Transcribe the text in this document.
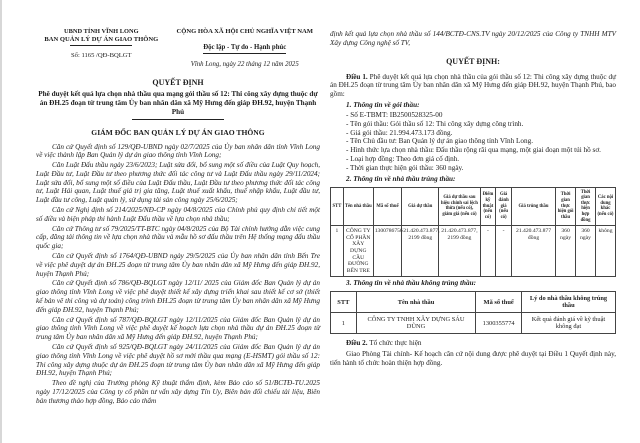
UBND TỈNH VĨNH LONG
BAN QUẢN LÝ DỰ ÁN GIAO THÔNG
Số: 1165 /QĐ-BQLGT
CỘNG HÒA XÃ HỘI CHỦ NGHĨA VIỆT NAM
Độc lập - Tự do - Hạnh phúc
Vĩnh Long, ngày 22 tháng 12 năm 2025
QUYẾT ĐỊNH
Phê duyệt kết quả lựa chọn nhà thầu qua mạng gói thầu số 12: Thi công xây dựng thuộc dự án ĐH.25 đoạn từ trung tâm Ủy ban nhân dân xã Mỹ Hưng đến giáp ĐH.92, huyện Thạnh Phú
GIÁM ĐỐC BAN QUẢN LÝ DỰ ÁN GIAO THÔNG

Căn cứ Quyết định số 129/QĐ-UBND ngày 02/7/2025 của Ủy ban nhân dân tỉnh Vĩnh Long về việc thành lập Ban Quản lý dự án giao thông tỉnh Vĩnh Long;

Căn Luật Đấu thầu ngày 23/6/2023; Luật sửa đổi, bổ sung một số điều của Luật Quy hoạch, Luật Đầu tư, Luật Đầu tư theo phương thức đối tác công tư và Luật Đấu thầu ngày 29/11/2024; Luật sửa đổi, bổ sung một số điều của Luật Đấu thầu, Luật Đầu tư theo phương thức đối tác công tư, Luật Hải quan, Luật thuế giá trị gia tăng, Luật thuế xuất khẩu, thuế nhập khẩu, Luật đầu tư, Luật đầu tư công, Luật quản lý, sử dụng tài sản công ngày 25/6/2025;

Căn cứ Nghị định số 214/2025/NĐ-CP ngày 04/8/2025 của Chính phủ quy định chi tiết một số điều và biện pháp thi hành Luật Đấu thầu về lựa chọn nhà thầu;

Căn cứ Thông tư số 79/2025/TT-BTC ngày 04/8/2025 của Bộ Tài chính hướng dẫn việc cung cấp, đăng tải thông tin về lựa chọn nhà thầu và mẫu hồ sơ đấu thầu trên Hệ thống mạng đấu thầu quốc gia;

Căn cứ Quyết định số 1764/QĐ-UBND ngày 29/5/2025 của Ủy ban nhân dân tỉnh Bến Tre về việc phê duyệt dự án ĐH.25 đoạn từ trung tâm Ủy ban nhân dân xã Mỹ Hưng đến giáp ĐH.92, huyện Thạnh Phú;

Căn cứ Quyết định số 786/QĐ-BQLGT ngày 12/11/ 2025 của Giám đốc Ban Quản lý dự án giao thông tỉnh Vĩnh Long về việc phê duyệt thiết kế xây dựng triển khai sau thiết kế cơ sở (thiết kế bản vẽ thi công và dự toán) công trình ĐH.25 đoạn từ trung tâm Ủy ban nhân dân xã Mỹ Hưng đến giáp ĐH.92, huyện Thạnh Phú;

Căn cứ Quyết định số 787/QĐ-BQLGT ngày 12/11/2025 của Giám đốc Ban Quản lý dự án giao thông tỉnh Vĩnh Long về việc phê duyệt kế hoạch lựa chọn nhà thầu dự án ĐH.25 đoạn từ trung tâm Ủy ban nhân dân xã Mỹ Hưng đến giáp ĐH.92, huyện Thạnh Phú;

Căn cứ Quyết định số 925/QĐ-BQLGT ngày 24/11/2025 của Giám đốc Ban Quản lý dự án giao thông tỉnh Vĩnh Long về việc phê duyệt hồ sơ mời thầu qua mạng (E-HSMT) gói thầu số 12: Thi công xây dựng thuộc dự án ĐH.25 đoạn từ trung tâm Ủy ban nhân dân xã Mỹ Hưng đến giáp ĐH.92, huyện Thạnh Phú;

Theo đề nghị của Trưởng phòng Kỹ thuật thẩm định, kèm Báo cáo số 51/BCTĐ-TU.2025 ngày 17/12/2025 của Công ty cổ phần tư vấn xây dựng Tín Uy, Biên bản đối chiếu tài liệu, Biên bản thương thảo hợp đồng, Báo cáo thẩm

định kết quả lựa chọn nhà thầu số 144/BCTĐ-CNS.TV ngày 20/12/2025 của Công ty TNHH MTV Xây dựng Công nghệ số TV,

QUYẾT ĐỊNH:

Điều 1. Phê duyệt kết quả lựa chọn nhà thầu của gói thầu số 12: Thi công xây dựng thuộc dự án ĐH.25 đoạn từ trung tâm Ủy ban nhân dân xã Mỹ Hưng đến giáp ĐH.92, huyện Thạnh Phú, bao gồm:

1. Thông tin về gói thầu:
- Số E-TBMT: IB2500528325-00
- Tên gói thầu: Gói thầu số 12: Thi công xây dựng công trình.
- Giá gói thầu: 21.994.473.173 đồng.
- Tên Chủ đầu tư: Ban Quản lý dự án giao thông tỉnh Vĩnh Long.
- Hình thức lựa chọn nhà thầu: Đấu thầu rộng rãi qua mạng, một giai đoạn một túi hồ sơ.
- Loại hợp đồng: Theo đơn giá cố định.
- Thời gian thực hiện gói thầu: 360 ngày.
2. Thông tin về nhà thầu trúng thầu:
STT	Tên nhà thầu	Mã số thuế	Giá dự thầu	Giá dự thầu sau hiệu chỉnh sai lệch thừa (nếu có), giảm giá (nếu có)	Điểm kỹ thuật (nếu có)	Giá đánh giá (nếu có)	Giá trúng thầu	Thời gian thực hiện gói thầu	Thời gian thực hiện hợp đồng	Các nội dung khác (nếu có)
1	CÔNG TY CỔ PHẦN XÂY DỰNG CẦU ĐƯỜNG BẾN TRE	1300786756	21.420.473.877, 2199 đồng	21.420.473.877, 2199 đồng	-	-	21.420.473.877 đồng	360 ngày	360 ngày	không
3. Thông tin về nhà thầu không trúng thầu:
STT	Tên nhà thầu	Mã số thuế	Lý do nhà thầu không trúng thầu
1	CÔNG TY TNHH XÂY DỰNG SÁU DŨNG	1300355774	Kết quả đánh giá về kỹ thuật không đạt

Điều 2. Tổ chức thực hiện

Giao Phòng Tài chính- Kế hoạch căn cứ nội dung được phê duyệt tại Điều 1 Quyết định này, tiến hành tổ chức hoàn thiện hợp đồng.
